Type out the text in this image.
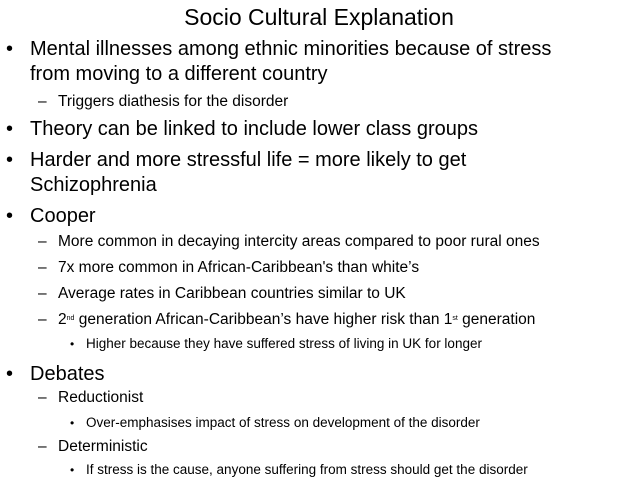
Socio Cultural Explanation
• Mental illnesses among ethnic minorities because of stress
from moving to a different country
– Triggers diathesis for the disorder
• Theory can be linked to include lower class groups
• Harder and more stressful life = more likely to get
Schizophrenia
• Cooper
– More common in decaying intercity areas compared to poor rural ones
– 7x more common in African-Caribbean's than white’s
– Average rates in Caribbean countries similar to UK
– 2nd generation African-Caribbean’s have higher risk than 1st generation
• Higher because they have suffered stress of living in UK for longer
• Debates
– Reductionist
• Over-emphasises impact of stress on development of the disorder
– Deterministic
• If stress is the cause, anyone suffering from stress should get the disorder
